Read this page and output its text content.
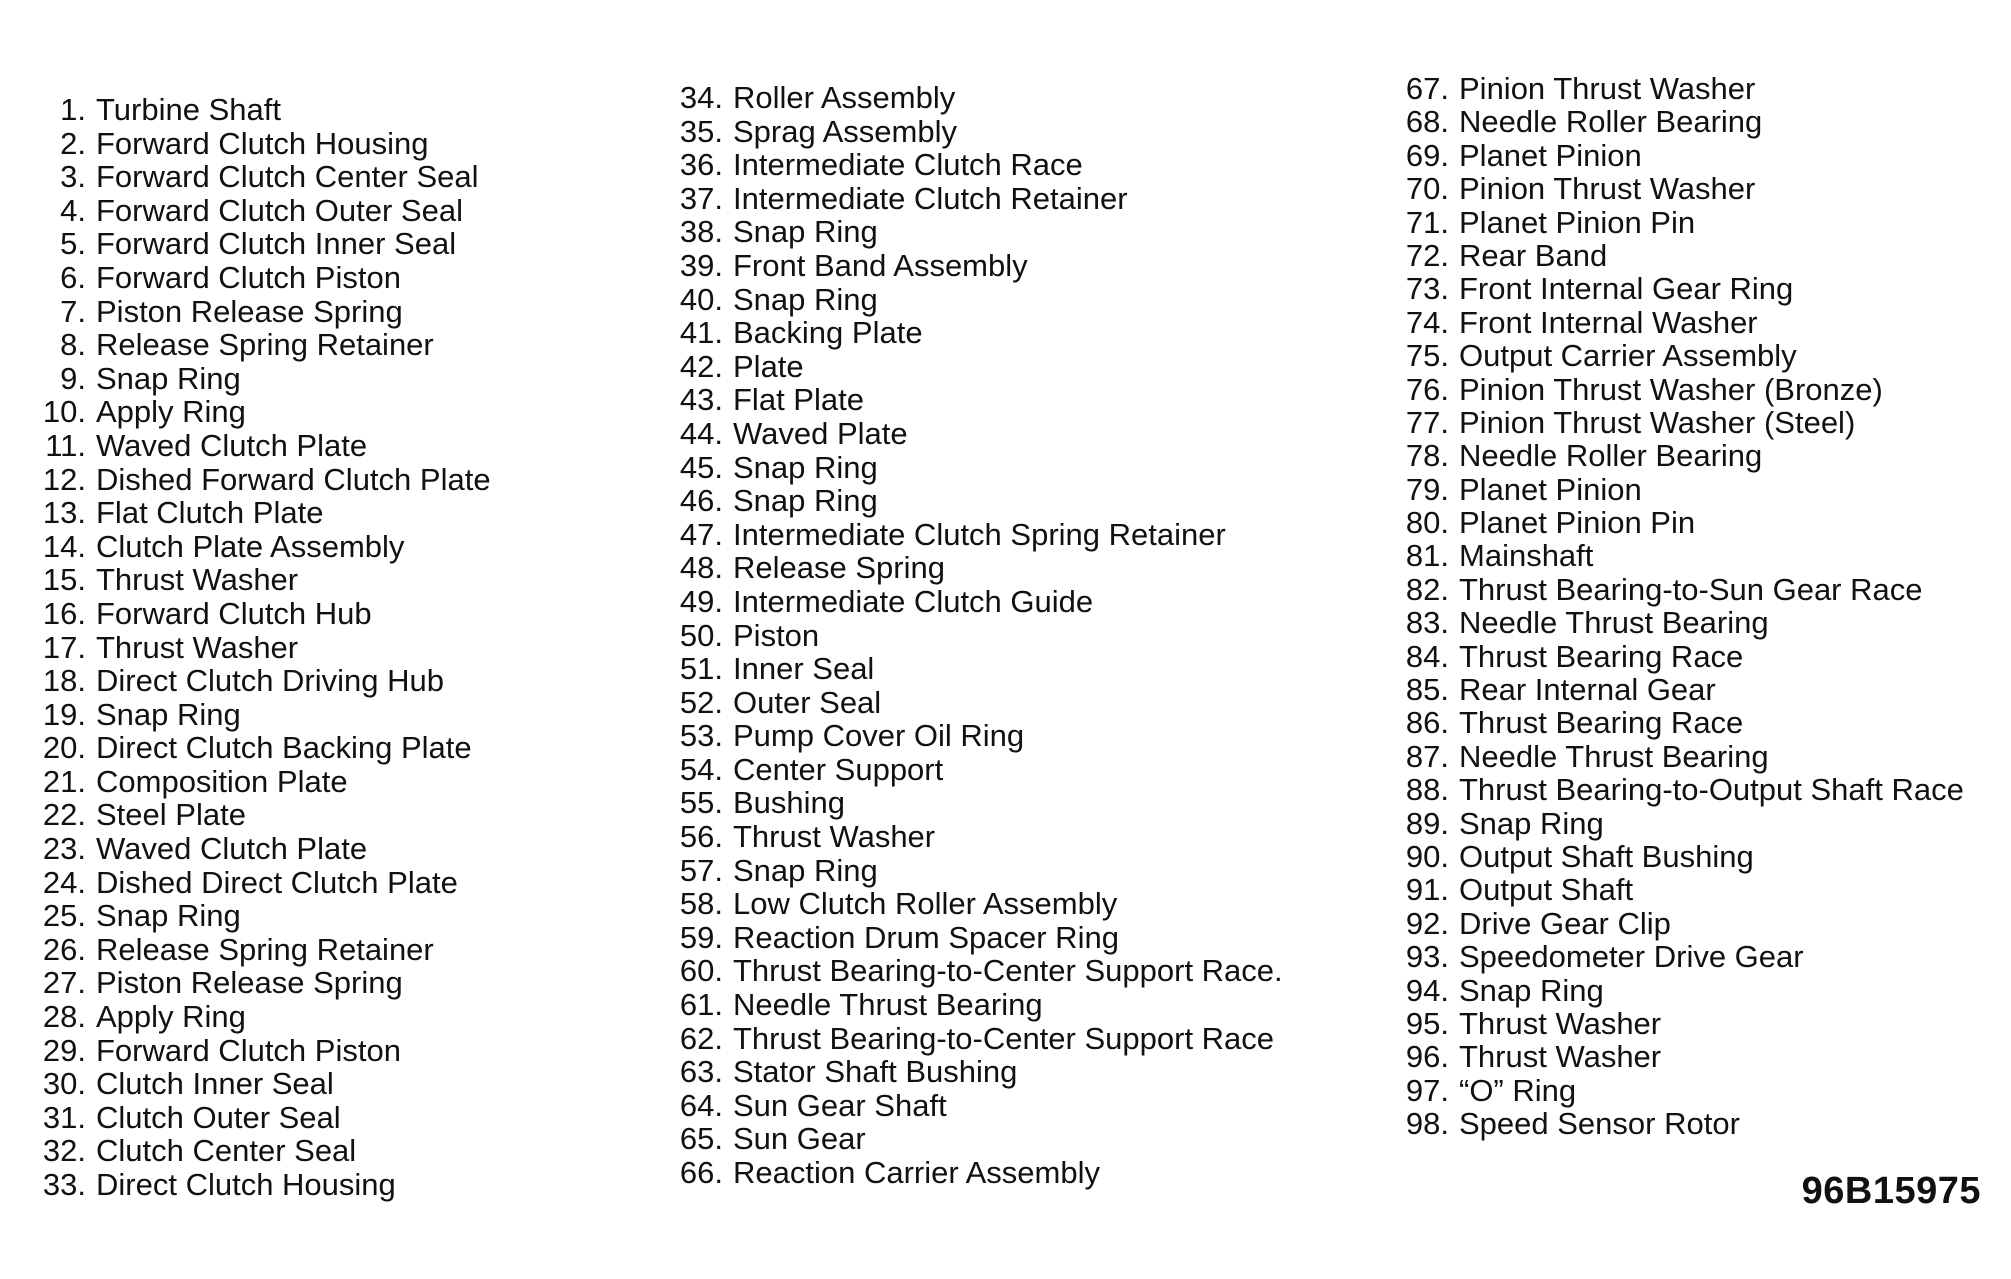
1. Turbine Shaft
2. Forward Clutch Housing
3. Forward Clutch Center Seal
4. Forward Clutch Outer Seal
5. Forward Clutch Inner Seal
6. Forward Clutch Piston
7. Piston Release Spring
8. Release Spring Retainer
9. Snap Ring
10. Apply Ring
11. Waved Clutch Plate
12. Dished Forward Clutch Plate
13. Flat Clutch Plate
14. Clutch Plate Assembly
15. Thrust Washer
16. Forward Clutch Hub
17. Thrust Washer
18. Direct Clutch Driving Hub
19. Snap Ring
20. Direct Clutch Backing Plate
21. Composition Plate
22. Steel Plate
23. Waved Clutch Plate
24. Dished Direct Clutch Plate
25. Snap Ring
26. Release Spring Retainer
27. Piston Release Spring
28. Apply Ring
29. Forward Clutch Piston
30. Clutch Inner Seal
31. Clutch Outer Seal
32. Clutch Center Seal
33. Direct Clutch Housing
34. Roller Assembly
35. Sprag Assembly
36. Intermediate Clutch Race
37. Intermediate Clutch Retainer
38. Snap Ring
39. Front Band Assembly
40. Snap Ring
41. Backing Plate
42. Plate
43. Flat Plate
44. Waved Plate
45. Snap Ring
46. Snap Ring
47. Intermediate Clutch Spring Retainer
48. Release Spring
49. Intermediate Clutch Guide
50. Piston
51. Inner Seal
52. Outer Seal
53. Pump Cover Oil Ring
54. Center Support
55. Bushing
56. Thrust Washer
57. Snap Ring
58. Low Clutch Roller Assembly
59. Reaction Drum Spacer Ring
60. Thrust Bearing-to-Center Support Race.
61. Needle Thrust Bearing
62. Thrust Bearing-to-Center Support Race
63. Stator Shaft Bushing
64. Sun Gear Shaft
65. Sun Gear
66. Reaction Carrier Assembly
67. Pinion Thrust Washer
68. Needle Roller Bearing
69. Planet Pinion
70. Pinion Thrust Washer
71. Planet Pinion Pin
72. Rear Band
73. Front Internal Gear Ring
74. Front Internal Washer
75. Output Carrier Assembly
76. Pinion Thrust Washer (Bronze)
77. Pinion Thrust Washer (Steel)
78. Needle Roller Bearing
79. Planet Pinion
80. Planet Pinion Pin
81. Mainshaft
82. Thrust Bearing-to-Sun Gear Race
83. Needle Thrust Bearing
84. Thrust Bearing Race
85. Rear Internal Gear
86. Thrust Bearing Race
87. Needle Thrust Bearing
88. Thrust Bearing-to-Output Shaft Race
89. Snap Ring
90. Output Shaft Bushing
91. Output Shaft
92. Drive Gear Clip
93. Speedometer Drive Gear
94. Snap Ring
95. Thrust Washer
96. Thrust Washer
97. “O” Ring
98. Speed Sensor Rotor
96B15975
